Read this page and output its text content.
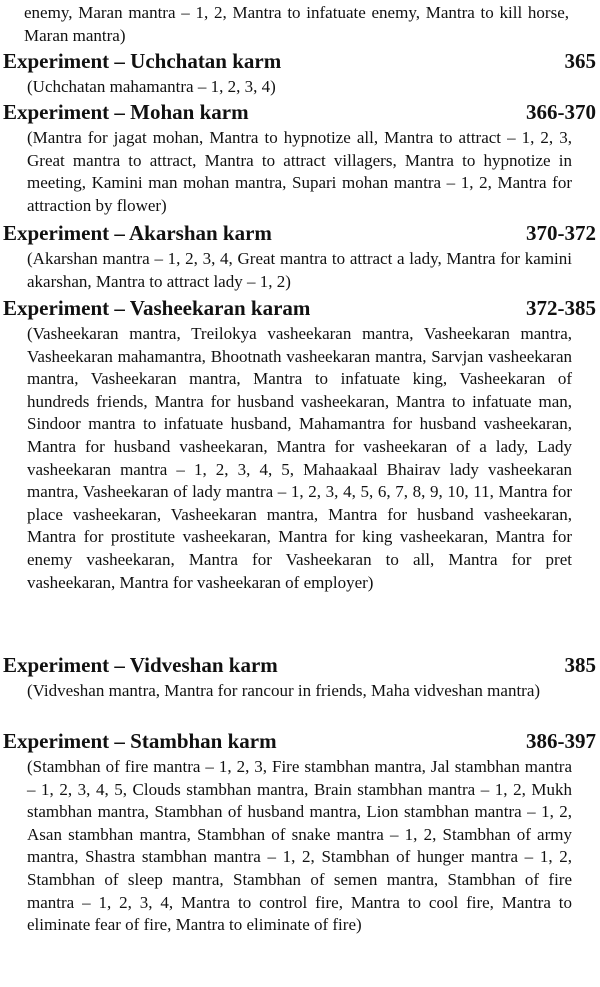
enemy, Maran mantra – 1, 2, Mantra to infatuate enemy, Mantra to kill horse, Maran mantra)

Experiment – Uchchatan karm	365

(Uchchatan mahamantra – 1, 2, 3, 4)

Experiment – Mohan karm	366-370

(Mantra for jagat mohan, Mantra to hypnotize all, Mantra to attract – 1, 2, 3, Great mantra to attract, Mantra to attract villagers, Mantra to hypnotize in meeting, Kamini man mohan mantra, Supari mohan mantra – 1, 2, Mantra for attraction by flower)

Experiment – Akarshan karm	370-372

(Akarshan mantra – 1, 2, 3, 4, Great mantra to attract a lady, Mantra for kamini akarshan, Mantra to attract lady – 1, 2)

Experiment – Vasheekaran karam	372-385

(Vasheekaran mantra, Treilokya vasheekaran mantra, Vasheekaran mantra, Vasheekaran mahamantra, Bhootnath vasheekaran mantra, Sarvjan vasheekaran mantra, Vasheekaran mantra, Mantra to infatuate king, Vasheekaran of hundreds friends, Mantra for husband vasheekaran, Mantra to infatuate man, Sindoor mantra to infatuate husband, Mahamantra for husband vasheekaran, Mantra for husband vasheekaran, Mantra for vasheekaran of a lady, Lady vasheekaran mantra – 1, 2, 3, 4, 5, Mahaakaal Bhairav lady vasheekaran mantra, Vasheekaran of lady mantra – 1, 2, 3, 4, 5, 6, 7, 8, 9, 10, 11, Mantra for place vasheekaran, Vasheekaran mantra, Mantra for husband vasheekaran, Mantra for prostitute vasheekaran, Mantra for king vasheekaran, Mantra for enemy vasheekaran, Mantra for Vasheekaran to all, Mantra for pret vasheekaran, Mantra for vasheekaran of employer)

Experiment – Vidveshan karm	385

(Vidveshan mantra, Mantra for rancour in friends, Maha vidveshan mantra)

Experiment – Stambhan karm	386-397

(Stambhan of fire mantra – 1, 2, 3, Fire stambhan mantra, Jal stambhan mantra – 1, 2, 3, 4, 5, Clouds stambhan mantra, Brain stambhan mantra – 1, 2, Mukh stambhan mantra, Stambhan of husband mantra, Lion stambhan mantra – 1, 2, Asan stambhan mantra, Stambhan of snake mantra – 1, 2, Stambhan of army mantra, Shastra stambhan mantra – 1, 2, Stambhan of hunger mantra – 1, 2, Stambhan of sleep mantra, Stambhan of semen mantra, Stambhan of fire mantra – 1, 2, 3, 4, Mantra to control fire, Mantra to cool fire, Mantra to eliminate fear of fire, Mantra to eliminate of fire)
